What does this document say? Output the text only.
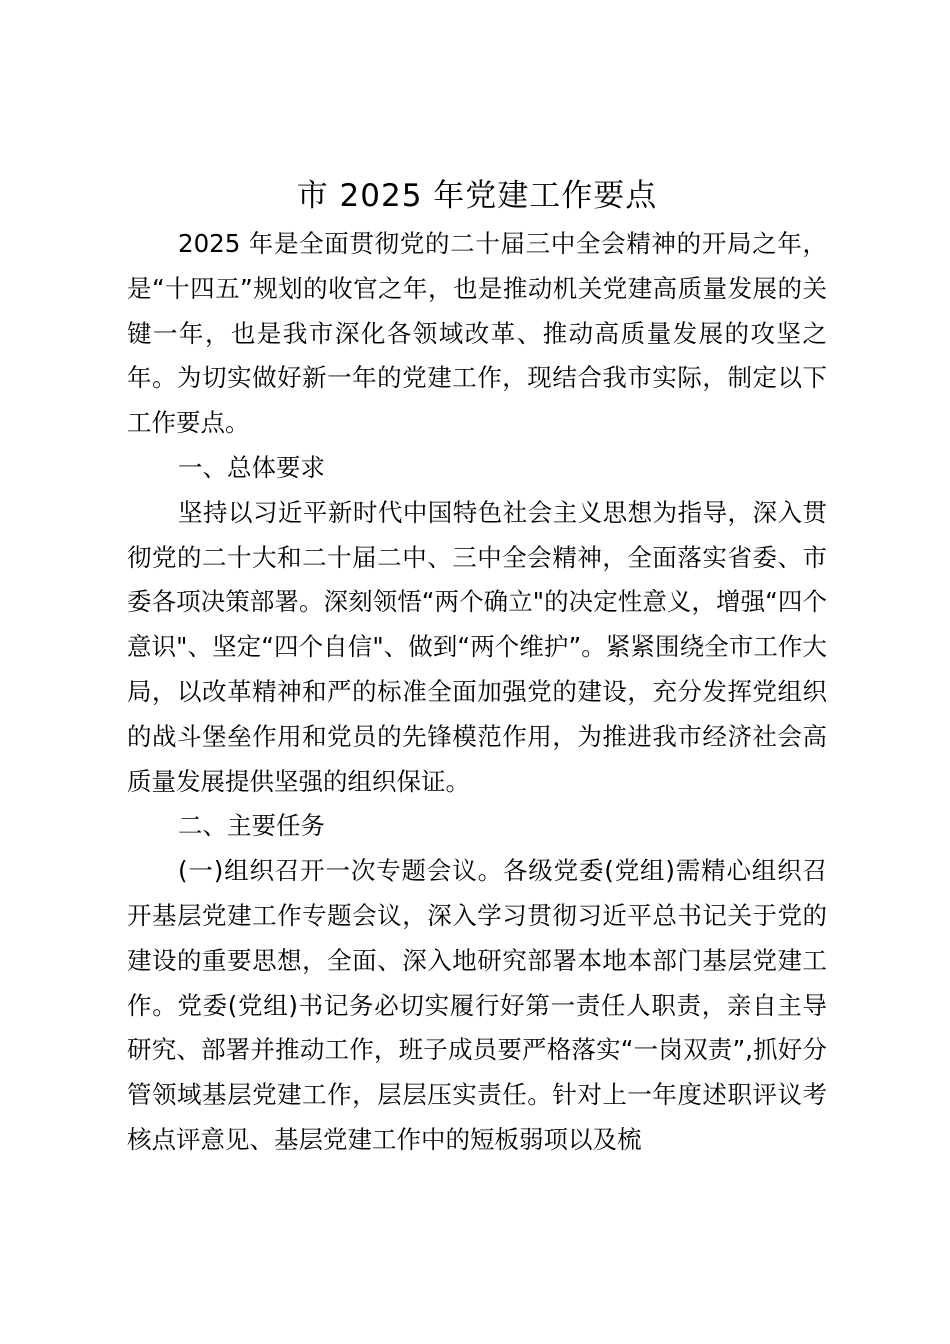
市 2025 年党建工作要点

2025 年是全面贯彻党的二十届三中全会精神的开局之年，是“十四五”规划的收官之年，也是推动机关党建高质量发展的关键一年，也是我市深化各领域改革、推动高质量发展的攻坚之年。为切实做好新一年的党建工作，现结合我市实际，制定以下工作要点。

一、总体要求

坚持以习近平新时代中国特色社会主义思想为指导，深入贯彻党的二十大和二十届二中、三中全会精神，全面落实省委、市委各项决策部署。深刻领悟“两个确立"的决定性意义，增强“四个意识"、坚定“四个自信"、做到“两个维护”。紧紧围绕全市工作大局，以改革精神和严的标准全面加强党的建设，充分发挥党组织的战斗堡垒作用和党员的先锋模范作用，为推进我市经济社会高质量发展提供坚强的组织保证。

二、主要任务

(一)组织召开一次专题会议。各级党委(党组)需精心组织召开基层党建工作专题会议，深入学习贯彻习近平总书记关于党的建设的重要思想，全面、深入地研究部署本地本部门基层党建工作。党委(党组)书记务必切实履行好第一责任人职责，亲自主导研究、部署并推动工作，班子成员要严格落实“一岗双责”,抓好分管领域基层党建工作，层层压实责任。针对上一年度述职评议考核点评意见、基层党建工作中的短板弱项以及梳
